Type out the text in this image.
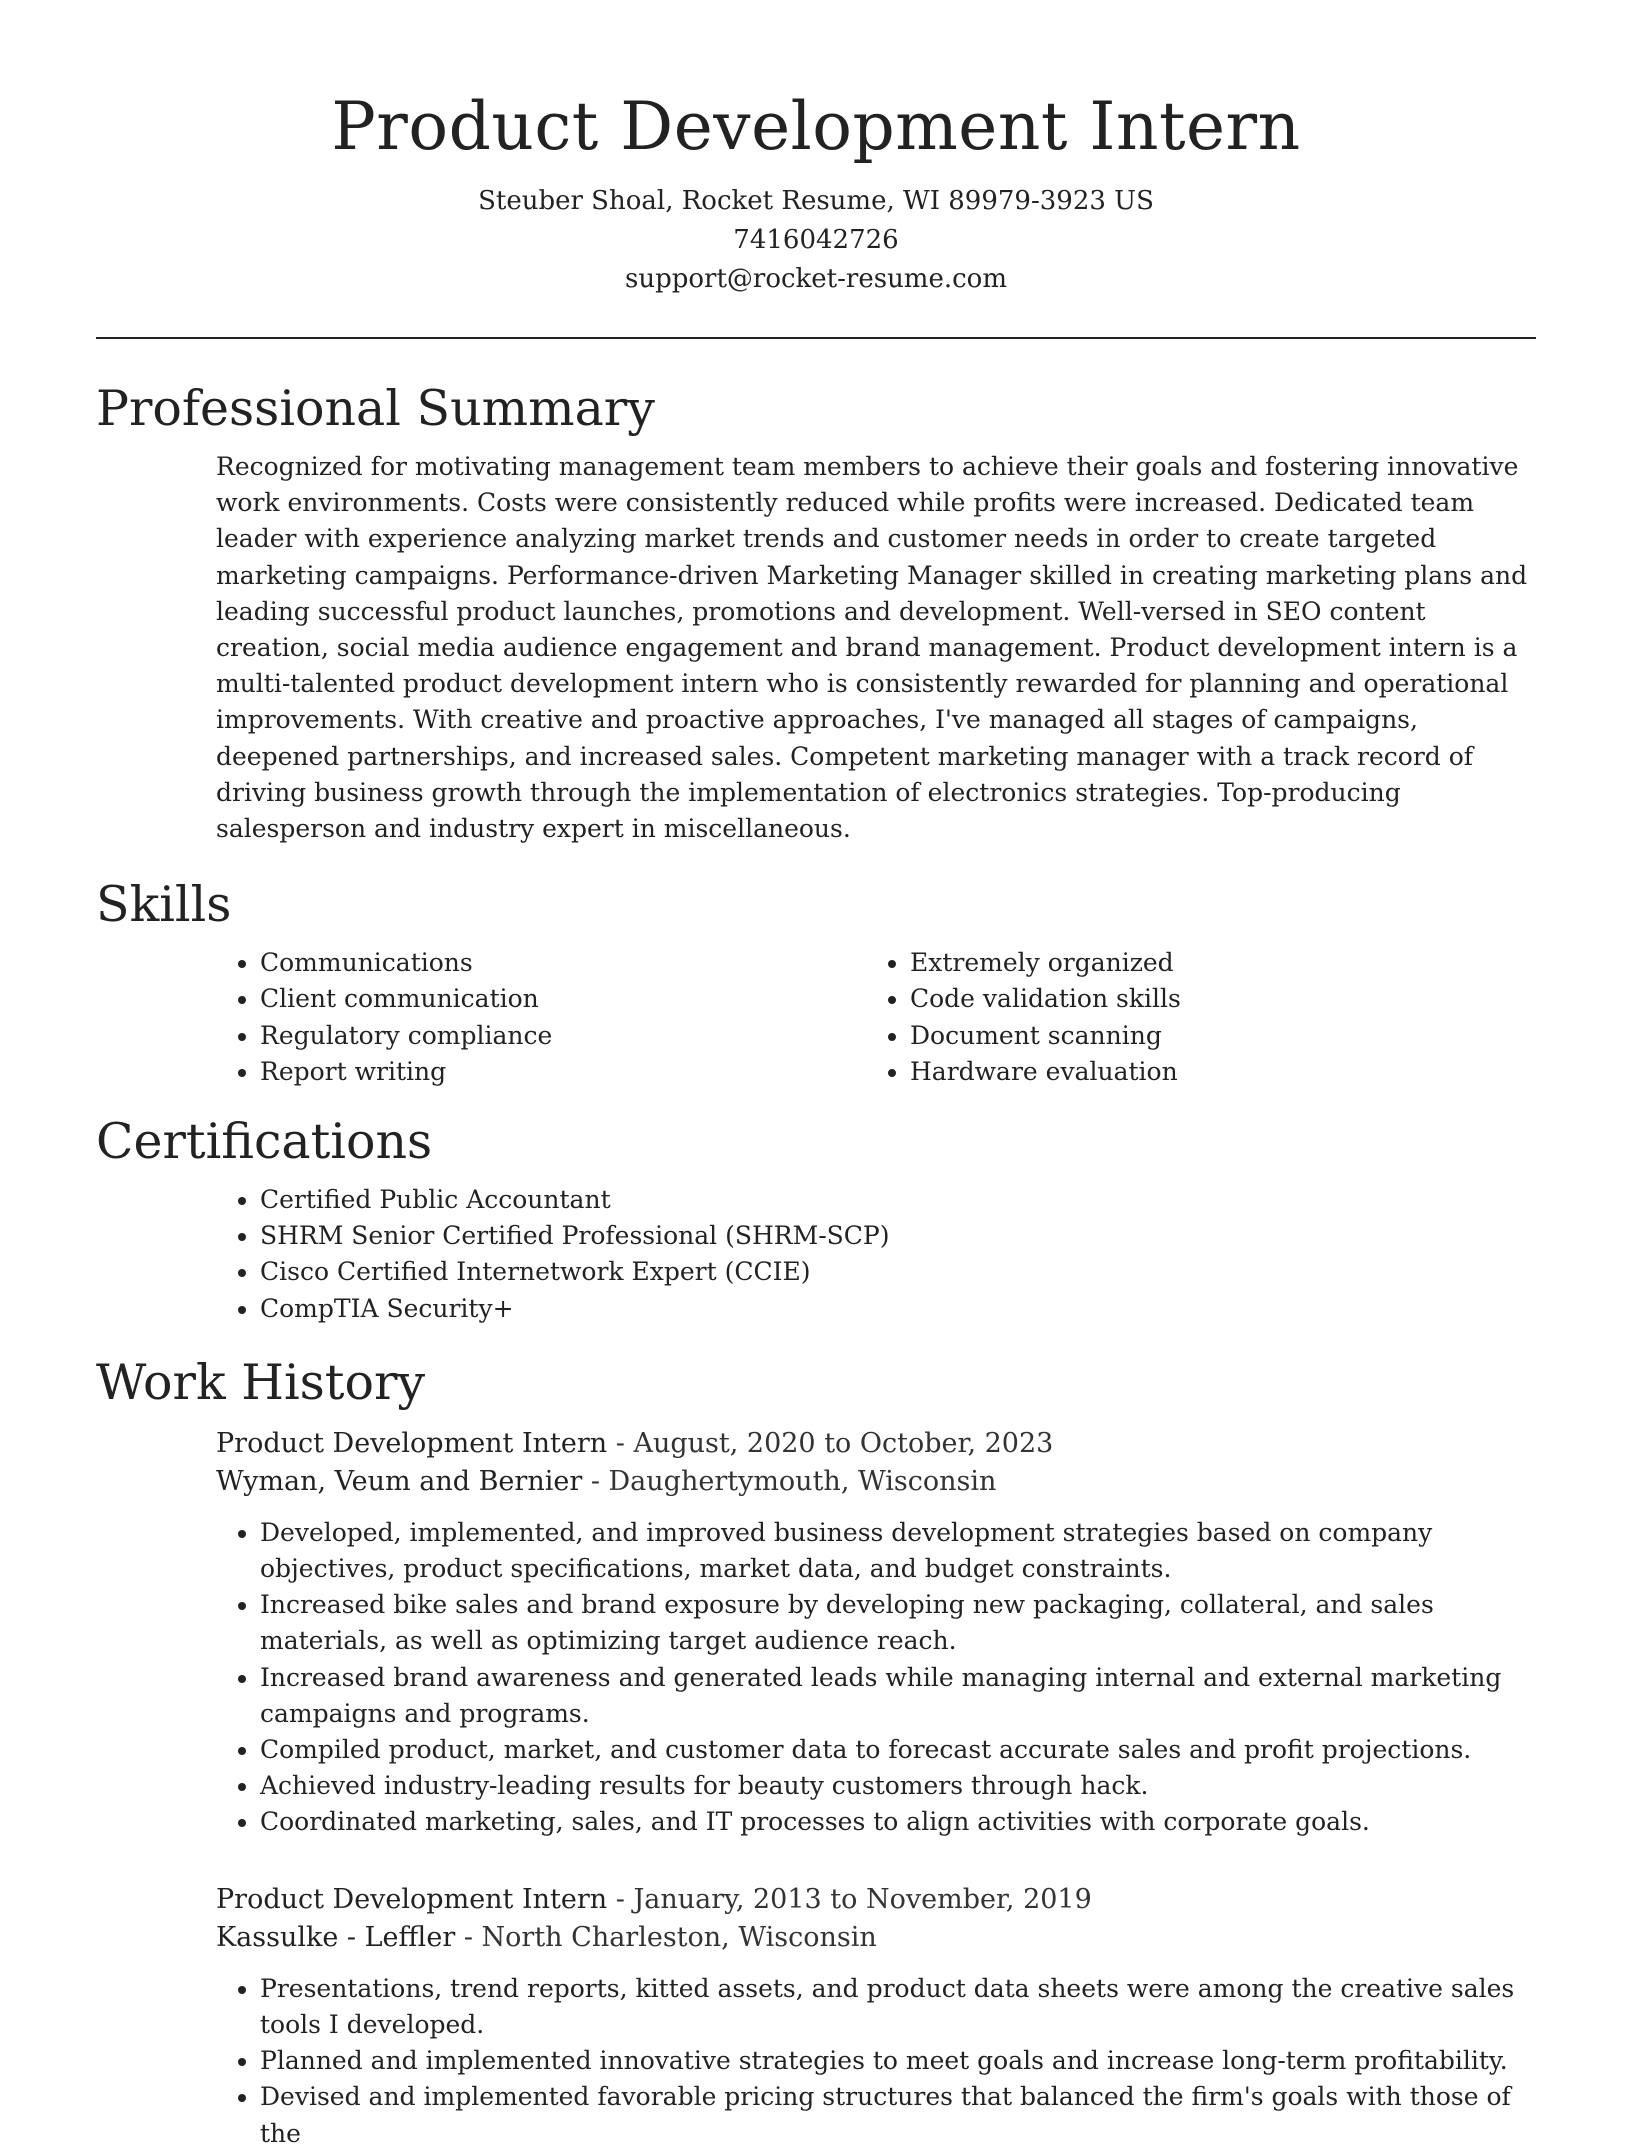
Product Development Intern
Steuber Shoal, Rocket Resume, WI 89979-3923 US
7416042726
support@rocket-resume.com
Professional Summary
Recognized for motivating management team members to achieve their goals and fostering innovative work environments. Costs were consistently reduced while profits were increased. Dedicated team leader with experience analyzing market trends and customer needs in order to create targeted marketing campaigns. Performance-driven Marketing Manager skilled in creating marketing plans and leading successful product launches, promotions and development. Well-versed in SEO content creation, social media audience engagement and brand management. Product development intern is a multi-talented product development intern who is consistently rewarded for planning and operational improvements. With creative and proactive approaches, I've managed all stages of campaigns, deepened partnerships, and increased sales. Competent marketing manager with a track record of driving business growth through the implementation of electronics strategies. Top-producing salesperson and industry expert in miscellaneous.
Skills
• Communications
• Client communication
• Regulatory compliance
• Report writing
• Extremely organized
• Code validation skills
• Document scanning
• Hardware evaluation
Certifications
• Certified Public Accountant
• SHRM Senior Certified Professional (SHRM-SCP)
• Cisco Certified Internetwork Expert (CCIE)
• CompTIA Security+
Work History
Product Development Intern - August, 2020 to October, 2023
Wyman, Veum and Bernier - Daughertymouth, Wisconsin
• Developed, implemented, and improved business development strategies based on company objectives, product specifications, market data, and budget constraints.
• Increased bike sales and brand exposure by developing new packaging, collateral, and sales materials, as well as optimizing target audience reach.
• Increased brand awareness and generated leads while managing internal and external marketing campaigns and programs.
• Compiled product, market, and customer data to forecast accurate sales and profit projections.
• Achieved industry-leading results for beauty customers through hack.
• Coordinated marketing, sales, and IT processes to align activities with corporate goals.
Product Development Intern - January, 2013 to November, 2019
Kassulke - Leffler - North Charleston, Wisconsin
• Presentations, trend reports, kitted assets, and product data sheets were among the creative sales tools I developed.
• Planned and implemented innovative strategies to meet goals and increase long-term profitability.
• Devised and implemented favorable pricing structures that balanced the firm's goals with those of the
